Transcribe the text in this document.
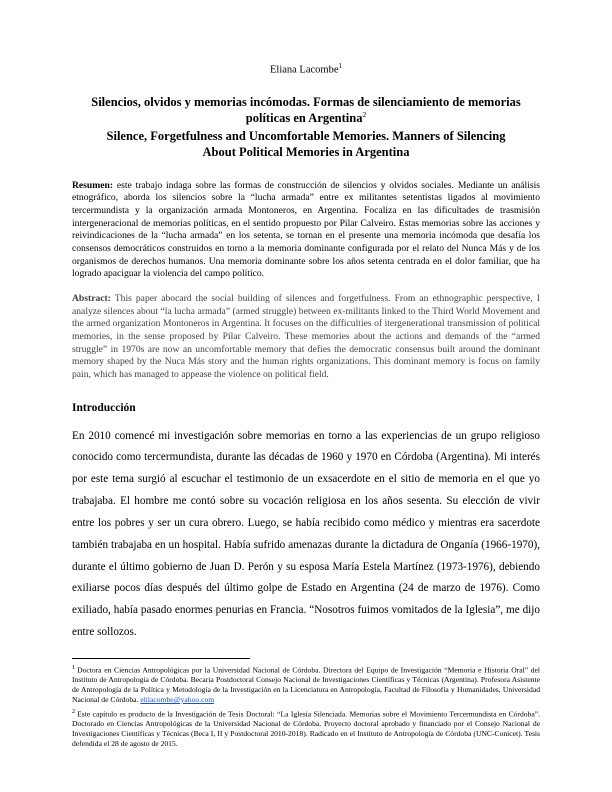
Eliana Lacombe$^1$

Silencios, olvidos y memorias incómodas. Formas de silenciamiento de memorias políticas en Argentina$^2$
Silence, Forgetfulness and Uncomfortable Memories. Manners of Silencing About Political Memories in Argentina

Resumen: este trabajo indaga sobre las formas de construcción de silencios y olvidos sociales. Mediante un análisis etnográfico, aborda los silencios sobre la “lucha armada” entre ex militantes setentistas ligados al movimiento tercermundista y la organización armada Montoneros, en Argentina. Focaliza en las dificultades de trasmisión intergeneracional de memorias políticas, en el sentido propuesto por Pilar Calveiro. Estas memorias sobre las acciones y reivindicaciones de la “lucha armada” en los setenta, se tornan en el presente una memoria incómoda que desafía los consensos democráticos construidos en torno a la memoria dominante configurada por el relato del Nunca Más y de los organismos de derechos humanos. Una memoria dominante sobre los años setenta centrada en el dolor familiar, que ha logrado apaciguar la violencia del campo político.

Abstract: This paper abocard the social building of silences and forgetfulness. From an ethnographic perspective, I analyze silences about “la lucha armada” (armed struggle) between ex-militants linked to the Third World Movement and the armed organization Montoneros in Argentina. It focuses on the difficulties of itergenerational transmission of political memories, in the sense proposed by Pilar Calveiro. These memories about the actions and demands of the “armed struggle” in 1970s are now an uncomfortable memory that defies the democratic consensus built around the dominant memory shaped by the Nuca Más story and the human rights organizations. This dominant memory is focus on family pain, which has managed to appease the violence on political field.

Introducción

En 2010 comencé mi investigación sobre memorias en torno a las experiencias de un grupo religioso conocido como tercermundista, durante las décadas de 1960 y 1970 en Córdoba (Argentina). Mi interés por este tema surgió al escuchar el testimonio de un exsacerdote en el sitio de memoria en el que yo trabajaba. El hombre me contó sobre su vocación religiosa en los años sesenta. Su elección de vivir entre los pobres y ser un cura obrero. Luego, se había recibido como médico y mientras era sacerdote también trabajaba en un hospital. Había sufrido amenazas durante la dictadura de Onganía (1966-1970), durante el último gobierno de Juan D. Perón y su esposa María Estela Martínez (1973-1976), debiendo exiliarse pocos días después del último golpe de Estado en Argentina (24 de marzo de 1976). Como exiliado, había pasado enormes penurias en Francia. “Nosotros fuimos vomitados de la Iglesia”, me dijo entre sollozos.

$^1$ Doctora en Ciencias Antropológicas por la Universidad Nacional de Córdoba. Directora del Equipo de Investigación “Memoria e Historia Oral” del Instituto de Antropología de Córdoba. Becaria Postdoctoral Consejo Nacional de Investigaciones Científicas y Técnicas (Argentina). Profesora Asistente de Antropología de la Política y Metodología de la Investigación en la Licenciatura en Antropología, Facultad de Filosofía y Humanidades, Universidad Nacional de Córdoba. elilacombe@yahoo.com

$^2$ Este capítulo es producto de la Investigación de Tesis Doctoral: “La Iglesia Silenciada. Memorias sobre el Movimiento Tercermundista en Córdoba”. Doctorado en Ciencias Antropológicas de la Universidad Nacional de Córdoba. Proyecto doctoral aprobado y financiado por el Consejo Nacional de Investigaciones Científicas y Técnicas (Beca I, II y Postdoctoral 2010-2018). Radicado en el Instituto de Antropología de Córdoba (UNC-Conicet). Tesis defendida el 28 de agosto de 2015.
